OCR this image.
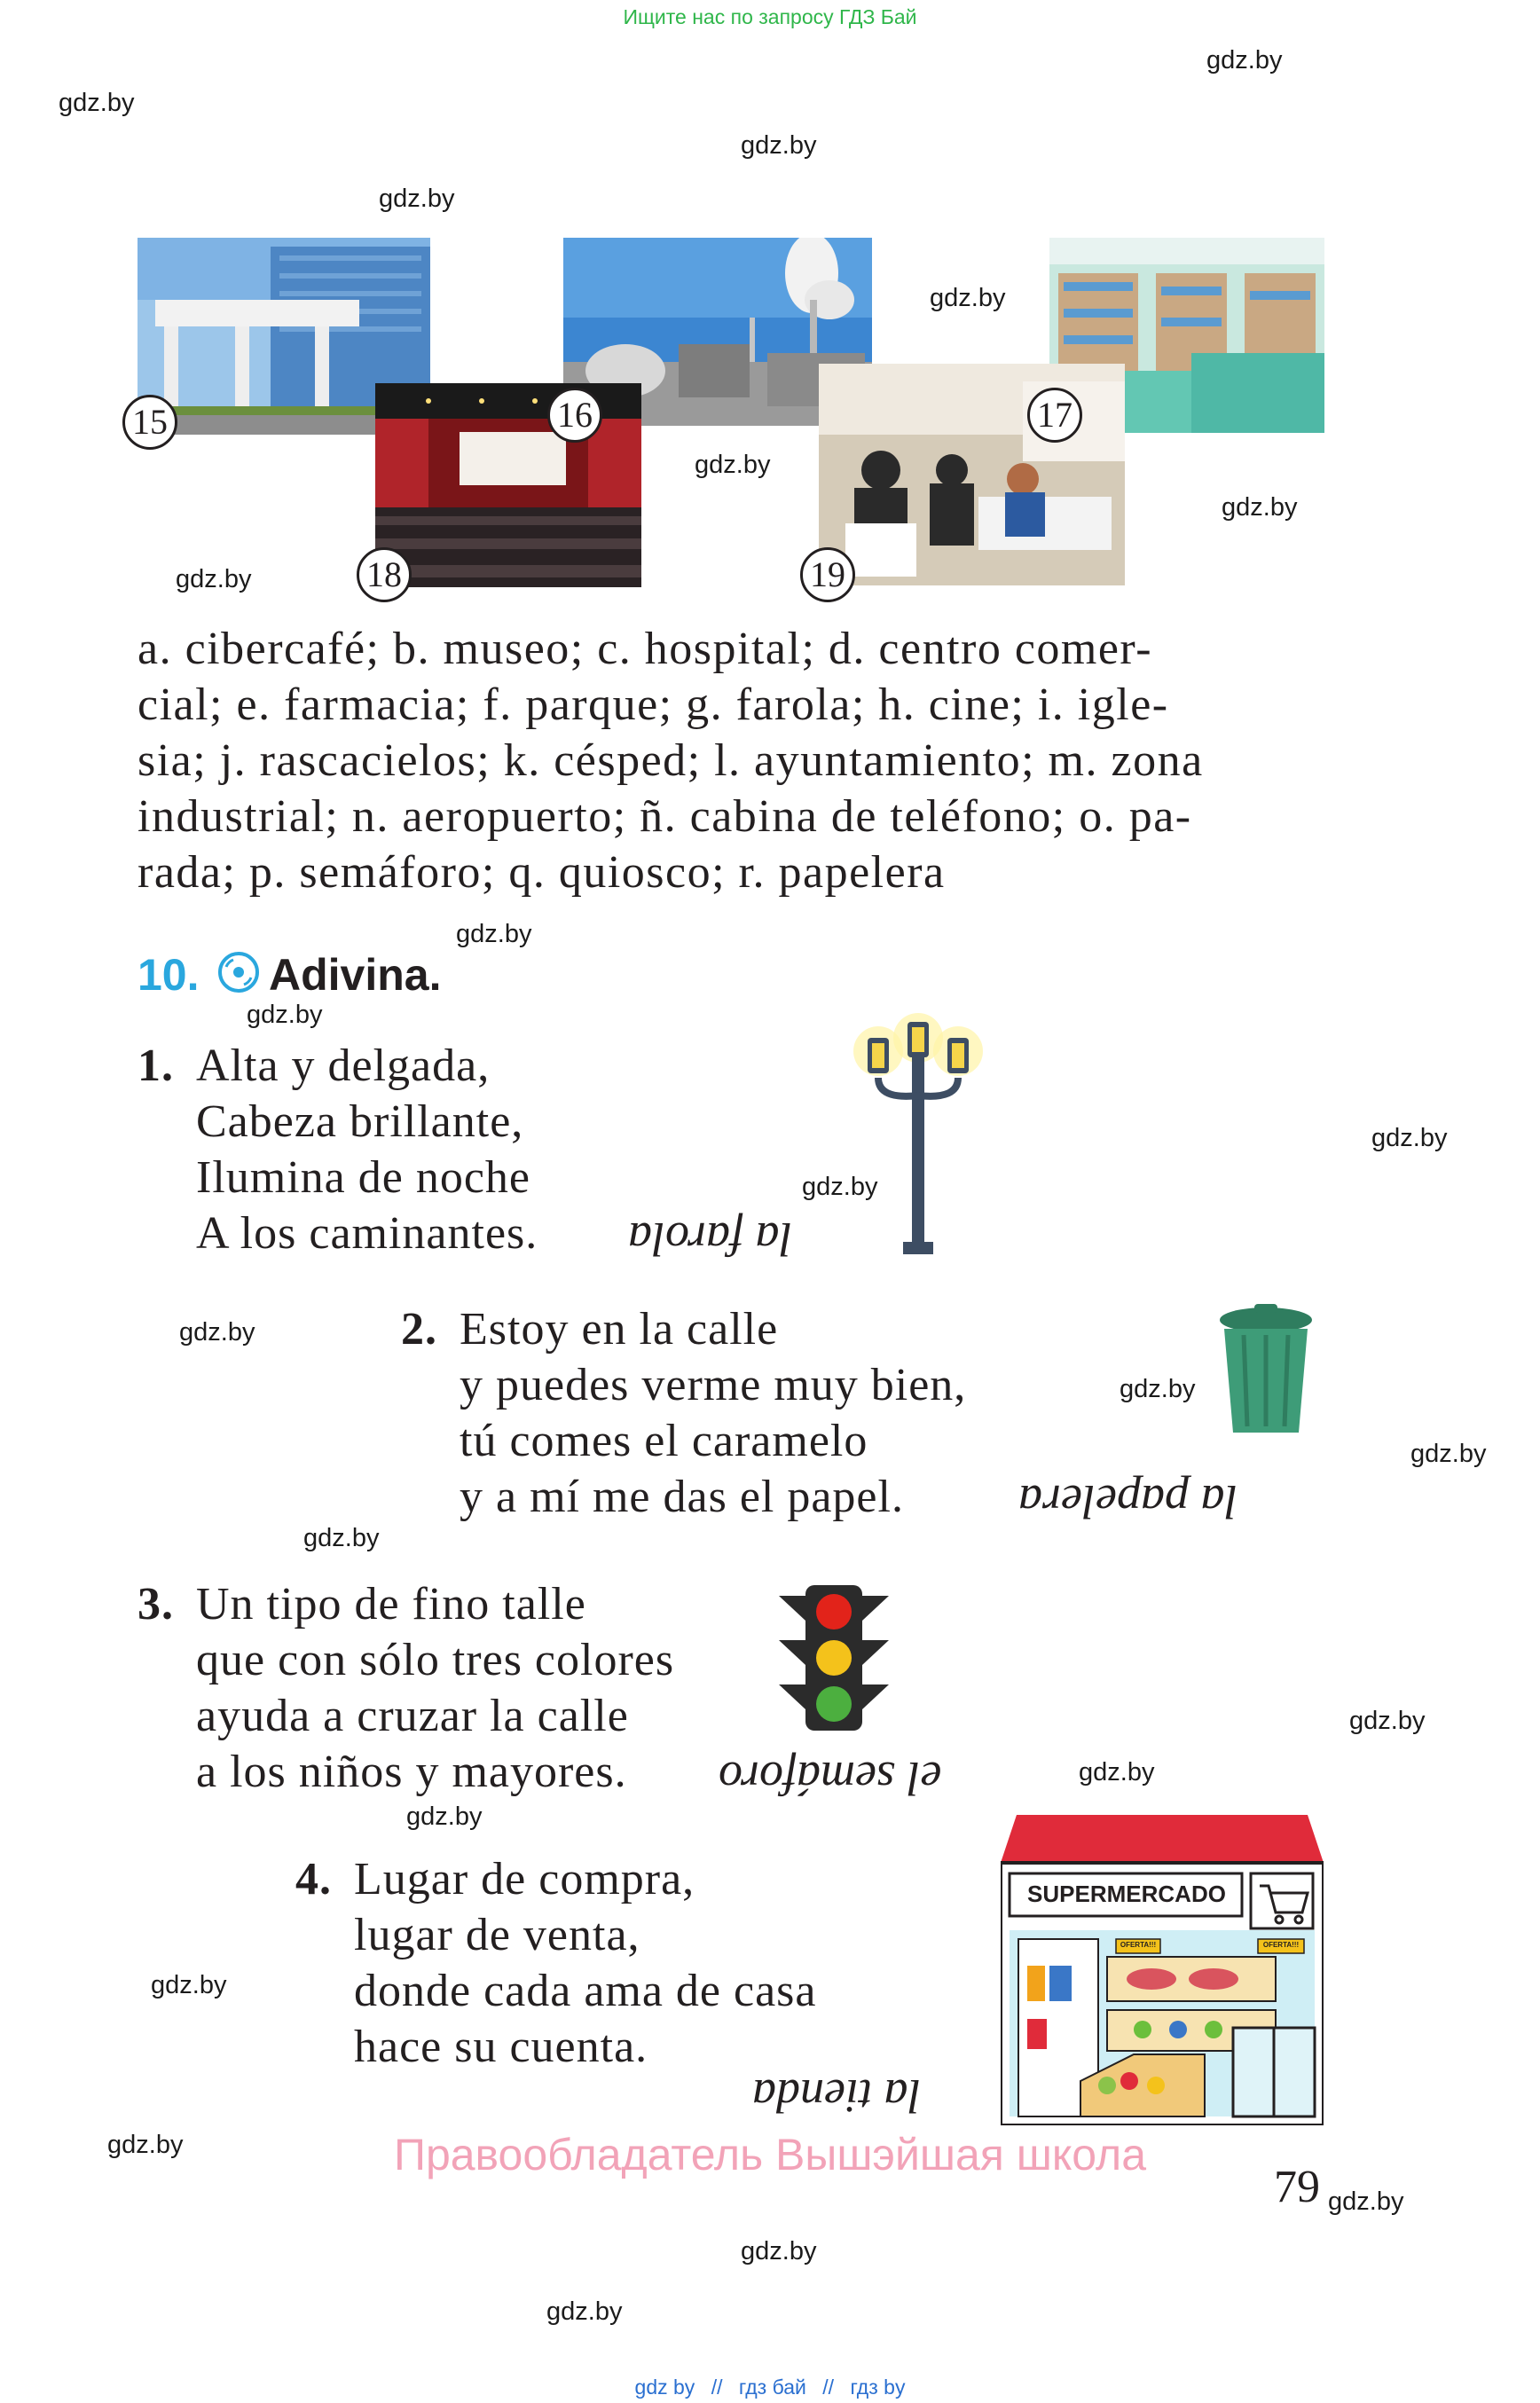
Ищите нас по запросу ГДЗ Бай
gdz.by
gdz.by
gdz.by
gdz.by
gdz.by
gdz.by
gdz.by
gdz.by
gdz.by
gdz.by
gdz.by
gdz.by
gdz.by
gdz.by
gdz.by
gdz.by
gdz.by
gdz.by
gdz.by
gdz.by
gdz.by
gdz.by
gdz.by
gdz.by
15	16	17
18	19
a. cibercafé; b. museo; c. hospital; d. centro comer-
cial; e. farmacia; f. parque; g. farola; h. cine; i. igle-
sia; j. rascacielos; k. césped; l. ayuntamiento; m. zona
industrial; n. aeropuerto; ñ. cabina de teléfono; o. pa-
rada; p. semáforo; q. quiosco; r. papelera
10. Adivina.
1. Alta y delgada,
Cabeza brillante,
Ilumina de noche
A los caminantes. la farola
2. Estoy en la calle
y puedes verme muy bien,
tú comes el caramelo
y a mí me das el papel.	la papelera
3. Un tipo de fino talle
que con sólo tres colores
ayuda a cruzar la calle
a los niños y mayores.	el semáforo
4. Lugar de compra,
lugar de venta,
donde cada ama de casa
hace su cuenta.
la tienda
SUPERMERCADO
OFERTA!!!	OFERTA!!!
Правообладатель Вышэйшая школа
79
gdz by // гдз бай // гдз by
